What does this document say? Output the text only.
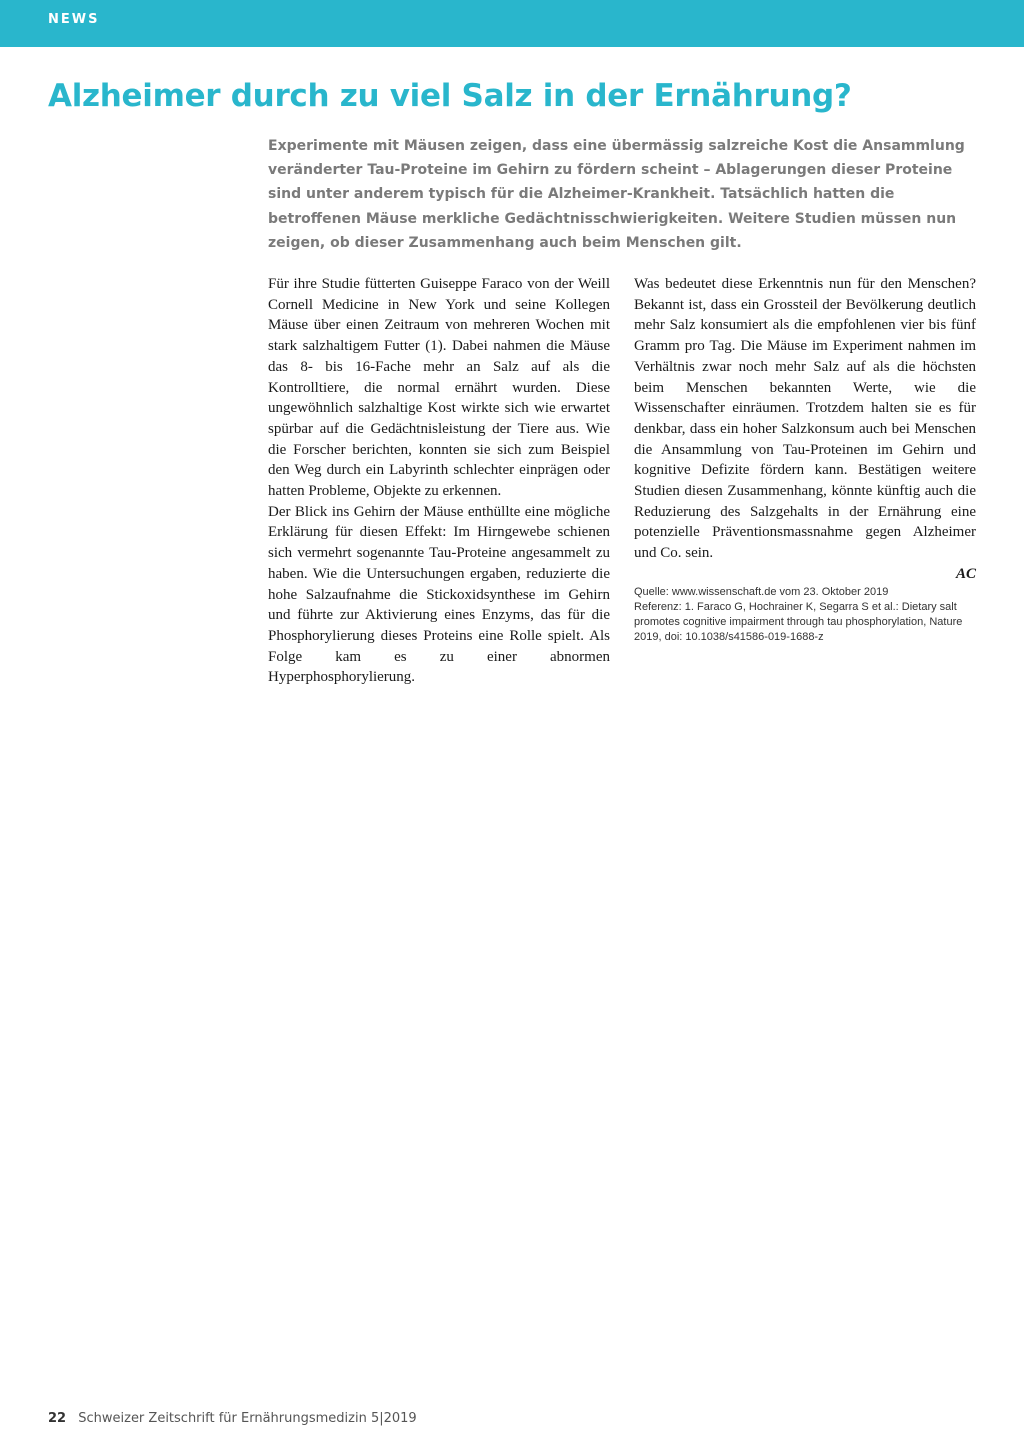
NEWS
Alzheimer durch zu viel Salz in der Ernährung?

Experimente mit Mäusen zeigen, dass eine übermässig salzreiche Kost die Ansammlung veränderter Tau-Proteine im Gehirn zu fördern scheint – Ablagerungen dieser Proteine sind unter anderem typisch für die Alzheimer-Krankheit. Tatsächlich hatten die betroffenen Mäuse merkliche Gedächtnisschwierigkeiten. Weitere Studien müssen nun zeigen, ob dieser Zusammenhang auch beim Menschen gilt.

Für ihre Studie fütterten Guiseppe Faraco von der Weill Cornell Medicine in New York und seine Kollegen Mäuse über einen Zeitraum von mehreren Wochen mit stark salzhaltigem Futter (1). Dabei nahmen die Mäuse das 8- bis 16-Fache mehr an Salz auf als die Kontrolltiere, die normal ernährt wurden. Diese ungewöhnlich salzhaltige Kost wirkte sich wie erwartet spürbar auf die Gedächtnisleistung der Tiere aus. Wie die Forscher berichten, konnten sie sich zum Beispiel den Weg durch ein Labyrinth schlechter einprägen oder hatten Probleme, Objekte zu erkennen.

Der Blick ins Gehirn der Mäuse enthüllte eine mögliche Erklärung für diesen Effekt: Im Hirngewebe schienen sich vermehrt sogenannte Tau-Proteine angesammelt zu haben. Wie die Untersuchungen ergaben, reduzierte die hohe Salzaufnahme die Stickoxidsynthese im Gehirn und führte zur Aktivierung eines Enzyms, das für die Phosphorylierung dieses Proteins eine Rolle spielt. Als Folge kam es zu einer abnormen Hyperphosphorylierung.

Was bedeutet diese Erkenntnis nun für den Menschen? Bekannt ist, dass ein Grossteil der Bevölkerung deutlich mehr Salz konsumiert als die empfohlenen vier bis fünf Gramm pro Tag. Die Mäuse im Experiment nahmen im Verhältnis zwar noch mehr Salz auf als die höchsten beim Menschen bekannten Werte, wie die Wissenschafter einräumen. Trotzdem halten sie es für denkbar, dass ein hoher Salzkonsum auch bei Menschen die Ansammlung von Tau-Proteinen im Gehirn und kognitive Defizite fördern kann. Bestätigen weitere Studien diesen Zusammenhang, könnte künftig auch die Reduzierung des Salzgehalts in der Ernährung eine potenzielle Präventionsmassnahme gegen Alzheimer und Co. sein.

AC

Quelle: www.wissenschaft.de vom 23. Oktober 2019

Referenz: 1. Faraco G, Hochrainer K, Segarra S et al.: Dietary salt promotes cognitive impairment through tau phosphorylation, Nature 2019, doi: 10.1038/s41586-019-1688-z

22 Schweizer Zeitschrift für Ernährungsmedizin 5|2019
